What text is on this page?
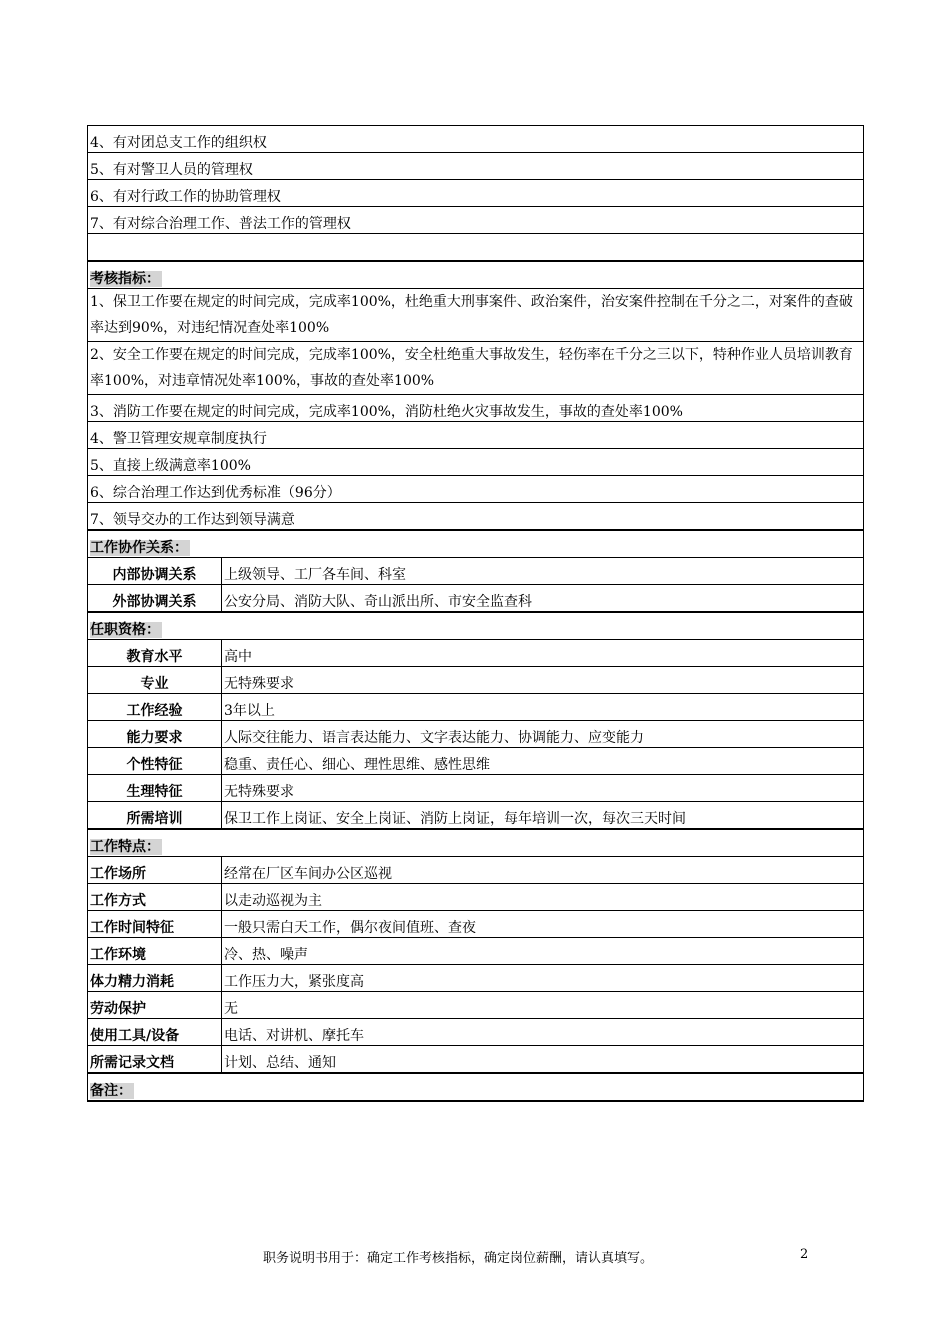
4、有对团总支工作的组织权	
5、有对警卫人员的管理权	
6、有对行政工作的协助管理权	
7、有对综合治理工作、普法工作的管理权	

考核指标：	
1、保卫工作要在规定的时间完成，完成率100%，杜绝重大刑事案件、政治案件，治安案件控制在千分之二，对案件的查破率达到90%，对违纪情况查处率100%	
2、安全工作要在规定的时间完成，完成率100%，安全杜绝重大事故发生，轻伤率在千分之三以下，特种作业人员培训教育率100%，对违章情况处率100%，事故的查处率100%	
3、消防工作要在规定的时间完成，完成率100%，消防杜绝火灾事故发生，事故的查处率100%	
4、警卫管理安规章制度执行	
5、直接上级满意率100%	
6、综合治理工作达到优秀标准（96分）	
7、领导交办的工作达到领导满意	
工作协作关系：	
内部协调关系	上级领导、工厂各车间、科室
外部协调关系	公安分局、消防大队、奇山派出所、市安全监查科
任职资格：	
教育水平	高中
专业	无特殊要求
工作经验	3年以上
能力要求	人际交往能力、语言表达能力、文字表达能力、协调能力、应变能力
个性特征	稳重、责任心、细心、理性思维、感性思维
生理特征	无特殊要求
所需培训	保卫工作上岗证、安全上岗证、消防上岗证，每年培训一次，每次三天时间
工作特点：	
工作场所	经常在厂区车间办公区巡视
工作方式	以走动巡视为主
工作时间特征	一般只需白天工作，偶尔夜间值班、查夜
工作环境	冷、热、噪声
体力精力消耗	工作压力大，紧张度高
劳动保护	无
使用工具/设备	电话、对讲机、摩托车
所需记录文档	计划、总结、通知
备注：	
职务说明书用于：确定工作考核指标，确定岗位薪酬，请认真填写。	2
